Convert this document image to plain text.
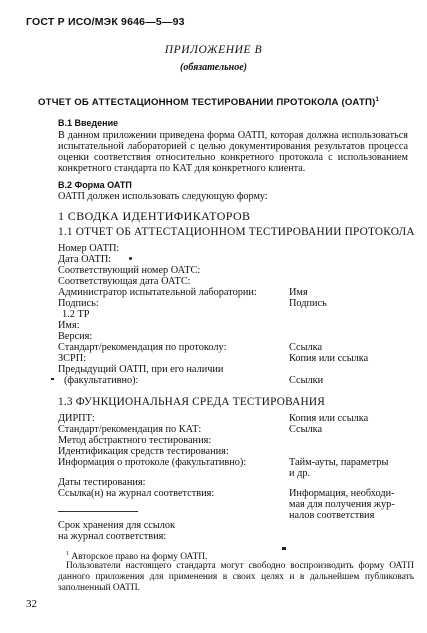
ГОСТ Р ИСО/МЭК 9646—5—93
ПРИЛОЖЕНИЕ В
(обязательное)
ОТЧЕТ ОБ АТТЕСТАЦИОННОМ ТЕСТИРОВАНИИ ПРОТОКОЛА (ОАТП)$^1$
В.1 Введение
В данном приложении приведена форма ОАТП, которая должна использоваться испытательной лабораторией с целью документирования результатов процесса оценки соответствия относительно конкретного протокола с использованием конкретного стандарта по КАТ для конкретного клиента.
В.2 Форма ОАТП
ОАТП должен использовать следующую форму:
1 СВОДКА ИДЕНТИФИКАТОРОВ
1.1 ОТЧЕТ ОБ АТТЕСТАЦИОННОМ ТЕСТИРОВАНИИ ПРОТОКОЛА
Номер ОАТП:
Дата ОАТП:
Соответствующий номер ОАТС:
Соответствующая дата ОАТС:
Администратор испытательной лаборатории:
Подпись:
1.2 ТР
Имя:
Версия:
Стандарт/рекомендация по протоколу:
ЗСРП:
Предыдущий ОАТП, при его наличии
(факультативно):
Имя
Подпись
Ссылка
Копия или ссылка
Ссылки
1.3 ФУНКЦИОНАЛЬНАЯ СРЕДА ТЕСТИРОВАНИЯ
ДИРПТ:
Стандарт/рекомендация по КАТ:
Метод абстрактного тестирования:
Идентификация средств тестирования:
Информация о протоколе (факультативно):
Даты тестирования:
Ссылка(н) на журнал соответствия:
Срок хранения для ссылок
на журнал соответствия:
Копия или ссылка
Ссылка
Тайм-ауты, параметры
и др.
Информация, необходи-
мая для получения жур-
налов соответствия
$^1$ Авторское право на форму ОАТП.
Пользователи настоящего стандарта могут свободно воспроизводить форму ОАТП данного приложения для применения в своих целях и в дальнейшем публиковать заполненный ОАТП.
32
